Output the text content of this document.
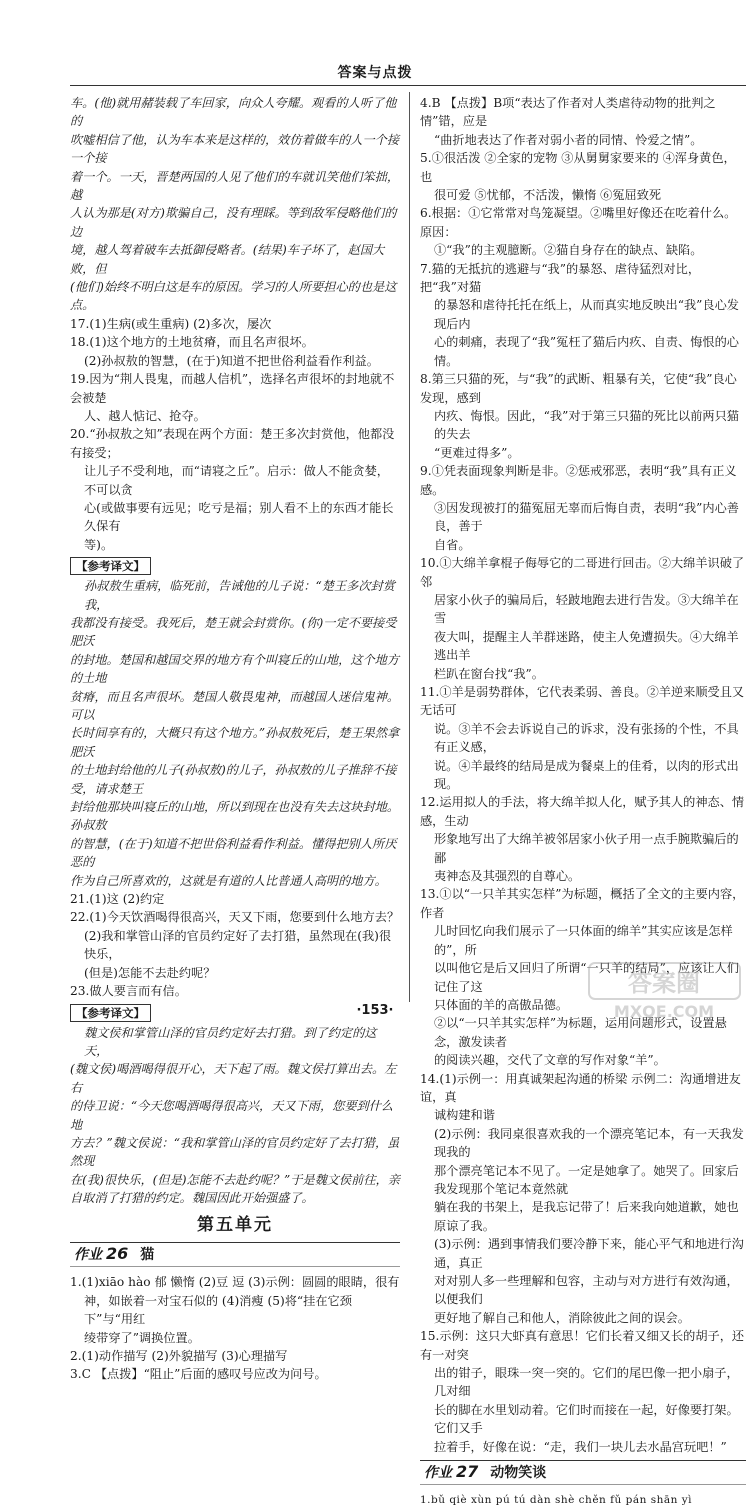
答案与点拨

车。(他)就用赭装载了车回家，向众人夸耀。观看的人听了他的

吹嘘相信了他，认为车本来是这样的，效仿着做车的人一个接一个接

着一个。一天，晋楚两国的人见了他们的车就讥笑他们笨拙，越

人认为那是(对方)欺骗自己，没有理睬。等到敌军侵略他们的边

境，越人驾着破车去抵御侵略者。(结果)车子坏了，赵国大败，但

(他们)始终不明白这是车的原因。学习的人所要担心的也是这点。

17.(1)生病(或生重病) (2)多次，屡次

18.(1)这个地方的土地贫瘠，而且名声很坏。

(2)孙叔敖的智慧，(在于)知道不把世俗利益看作利益。

19.因为“荆人畏鬼，而越人信机”，选择名声很坏的封地就不会被楚

人、越人惦记、抢夺。

20.“孙叔敖之知”表现在两个方面：楚王多次封赏他，他都没有接受；

让儿子不受利地，而“请寝之丘”。启示：做人不能贪婪，不可以贪

心(或做事要有远见；吃亏是福；别人看不上的东西才能长久保有

等)。

【参考译文】

孙叔敖生重病，临死前，告诫他的儿子说：“楚王多次封赏我，

我都没有接受。我死后，楚王就会封赏你。(你)一定不要接受肥沃

的封地。楚国和越国交界的地方有个叫寝丘的山地，这个地方的土地

贫瘠，而且名声很坏。楚国人敬畏鬼神，而越国人迷信鬼神。可以

长时间享有的，大概只有这个地方。”孙叔敖死后，楚王果然拿肥沃

的土地封给他的儿子(孙叔敖)的儿子，孙叔敖的儿子推辞不接受，请求楚王

封给他那块叫寝丘的山地，所以到现在也没有失去这块封地。孙叔敖

的智慧，(在于)知道不把世俗利益看作利益。懂得把别人所厌恶的

作为自己所喜欢的，这就是有道的人比普通人高明的地方。

21.(1)这 (2)约定

22.(1)今天饮酒喝得很高兴，天又下雨，您要到什么地方去？

(2)我和掌管山泽的官员约定好了去打猎，虽然现在(我)很快乐，

(但是)怎能不去赴约呢？

23.做人要言而有信。

【参考译文】

魏文侯和掌管山泽的官员约定好去打猎。到了约定的这天，

(魏文侯)喝酒喝得很开心，天下起了雨。魏文侯打算出去。左右

的侍卫说：“今天您喝酒喝得很高兴，天又下雨，您要到什么地

方去？”魏文侯说：“我和掌管山泽的官员约定好了去打猎，虽然现

在(我)很快乐，(但是)怎能不去赴约呢？”于是魏文侯前往，亲

自取消了打猎的约定。魏国因此开始强盛了。

第五单元
作业 26 猫

1.(1)xiāo hào 郁 懒惰 (2)豆 逗 (3)示例：圆圆的眼睛，很有

神，如嵌着一对宝石似的 (4)消瘦 (5)将“挂在它颈下”与“用红

绫带穿了”调换位置。

2.(1)动作描写 (2)外貌描写 (3)心理描写

3.C 【点拨】“阻止”后面的感叹号应改为问号。

4.B 【点拨】B项“表达了作者对人类虐待动物的批判之情”错，应是

“曲折地表达了作者对弱小者的同情、怜爱之情”。

5.①很活泼 ②全家的宠物 ③从舅舅家要来的 ④浑身黄色，也

很可爱 ⑤忧郁，不活泼，懒惰 ⑥冤屈致死

6.根据：①它常常对鸟笼凝望。②嘴里好像还在吃着什么。原因：

①“我”的主观臆断。②猫自身存在的缺点、缺陷。

7.猫的无抵抗的逃避与“我”的暴怒、虐待猛烈对比，把“我”对猫

的暴怒和虐待托托在纸上，从而真实地反映出“我”良心发现后内

心的刺痛，表现了“我”冤枉了猫后内疚、自责、悔恨的心情。

8.第三只猫的死，与“我”的武断、粗暴有关，它使“我”良心发现，感到

内疚、悔恨。因此，“我”对于第三只猫的死比以前两只猫的失去

“更难过得多”。

9.①凭表面现象判断是非。②惩戒邪恶，表明“我”具有正义感。

③因发现被打的猫冤屈无辜而后悔自责，表明“我”内心善良，善于

自省。

10.①大绵羊拿棍子侮辱它的二哥进行回击。②大绵羊识破了邻

居家小伙子的骗局后，轻跛地跑去进行告发。③大绵羊在雪

夜大叫，提醒主人羊群迷路，使主人免遭损失。④大绵羊逃出羊

栏趴在窗台找“我”。

11.①羊是弱势群体，它代表柔弱、善良。②羊逆来顺受且又无话可

说。③羊不会去诉说自己的诉求，没有张扬的个性，不具有正义感，

说。④羊最终的结局是成为餐桌上的佳肴，以肉的形式出现。

12.运用拟人的手法，将大绵羊拟人化，赋予其人的神态、情感，生动

形象地写出了大绵羊被邻居家小伙子用一点手腕欺骗后的鄙

夷神态及其强烈的自尊心。

13.①以“一只羊其实怎样”为标题，概括了全文的主要内容，作者

儿时回忆向我们展示了一只体面的绵羊”其实应该是怎样的”，所

以叫他它是后又回归了所谓“一只羊的结局”，应该让人们记住了这

只体面的羊的高傲品德。

②以“一只羊其实怎样”为标题，运用问题形式，设置悬念，激发读者

的阅读兴趣，交代了文章的写作对象“羊”。

14.(1)示例一：用真诚架起沟通的桥梁 示例二：沟通增进友谊，真

诚构建和谐

(2)示例：我同桌很喜欢我的一个漂亮笔记本，有一天我发现我的

那个漂亮笔记本不见了。一定是她拿了。她哭了。回家后我发现那个笔记本竟然就

躺在我的书架上，是我忘记带了！后来我向她道歉，她也原谅了我。

(3)示例：遇到事情我们要冷静下来，能心平气和地进行沟通，真正

对对别人多一些理解和包容，主动与对方进行有效沟通，以便我们

更好地了解自己和他人，消除彼此之间的误会。

15.示例：这只大虾真有意思！它们长着又细又长的胡子，还有一对突

出的钳子，眼珠一突一突的。它们的尾巴像一把小扇子，几对细

长的脚在水里划动着。它们时而接在一起，好像要打架。它们又手

拉着手，好像在说：“走，我们一块儿去水晶宫玩吧！”

作业 27 动物笑谈

1.bǔ qiè xùn pú tú dàn shè chěn fǔ pán shān yì

·153·
答案圈
MXQE.COM
